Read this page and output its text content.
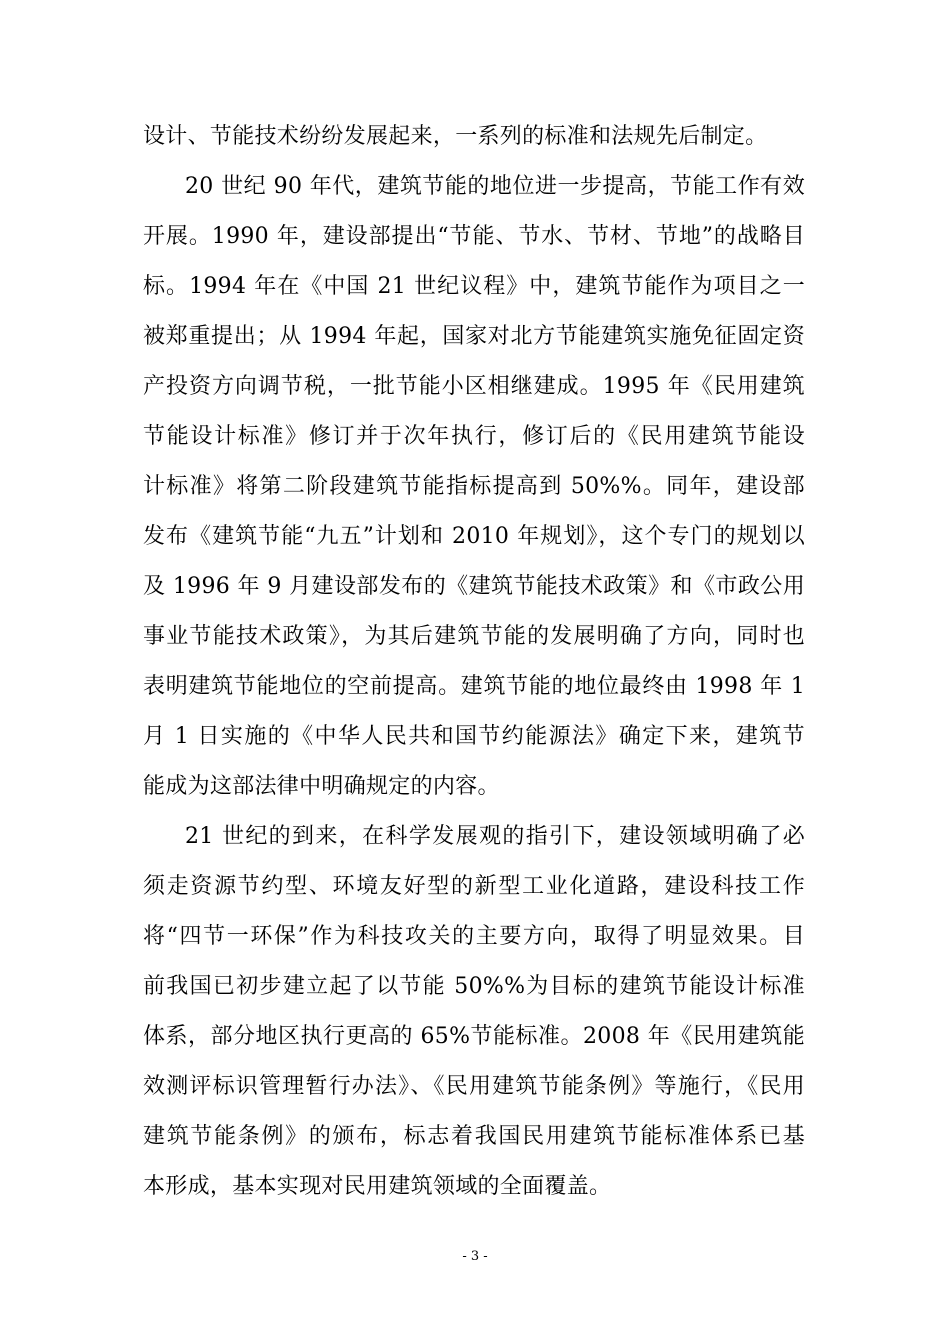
设计、节能技术纷纷发展起来，一系列的标准和法规先后制定。
20 世纪 90 年代，建筑节能的地位进一步提高，节能工作有效
开展。1990 年，建设部提出“节能、节水、节材、节地”的战略目
标。1994 年在《中国 21 世纪议程》中，建筑节能作为项目之一
被郑重提出；从 1994 年起，国家对北方节能建筑实施免征固定资
产投资方向调节税，一批节能小区相继建成。1995 年《民用建筑
节能设计标准》修订并于次年执行，修订后的《民用建筑节能设
计标准》将第二阶段建筑节能指标提高到 50%%。同年，建设部
发布《建筑节能“九五”计划和 2010 年规划》，这个专门的规划以
及 1996 年 9 月建设部发布的《建筑节能技术政策》和《市政公用
事业节能技术政策》，为其后建筑节能的发展明确了方向，同时也
表明建筑节能地位的空前提高。建筑节能的地位最终由 1998 年 1
月 1 日实施的《中华人民共和国节约能源法》确定下来，建筑节
能成为这部法律中明确规定的内容。
21 世纪的到来，在科学发展观的指引下，建设领域明确了必
须走资源节约型、环境友好型的新型工业化道路，建设科技工作
将“四节一环保”作为科技攻关的主要方向，取得了明显效果。目
前我国已初步建立起了以节能 50%%为目标的建筑节能设计标准
体系，部分地区执行更高的 65%节能标准。2008 年《民用建筑能
效测评标识管理暂行办法》、《民用建筑节能条例》等施行，《民用
建筑节能条例》的颁布，标志着我国民用建筑节能标准体系已基
本形成，基本实现对民用建筑领域的全面覆盖。
- 3 -
